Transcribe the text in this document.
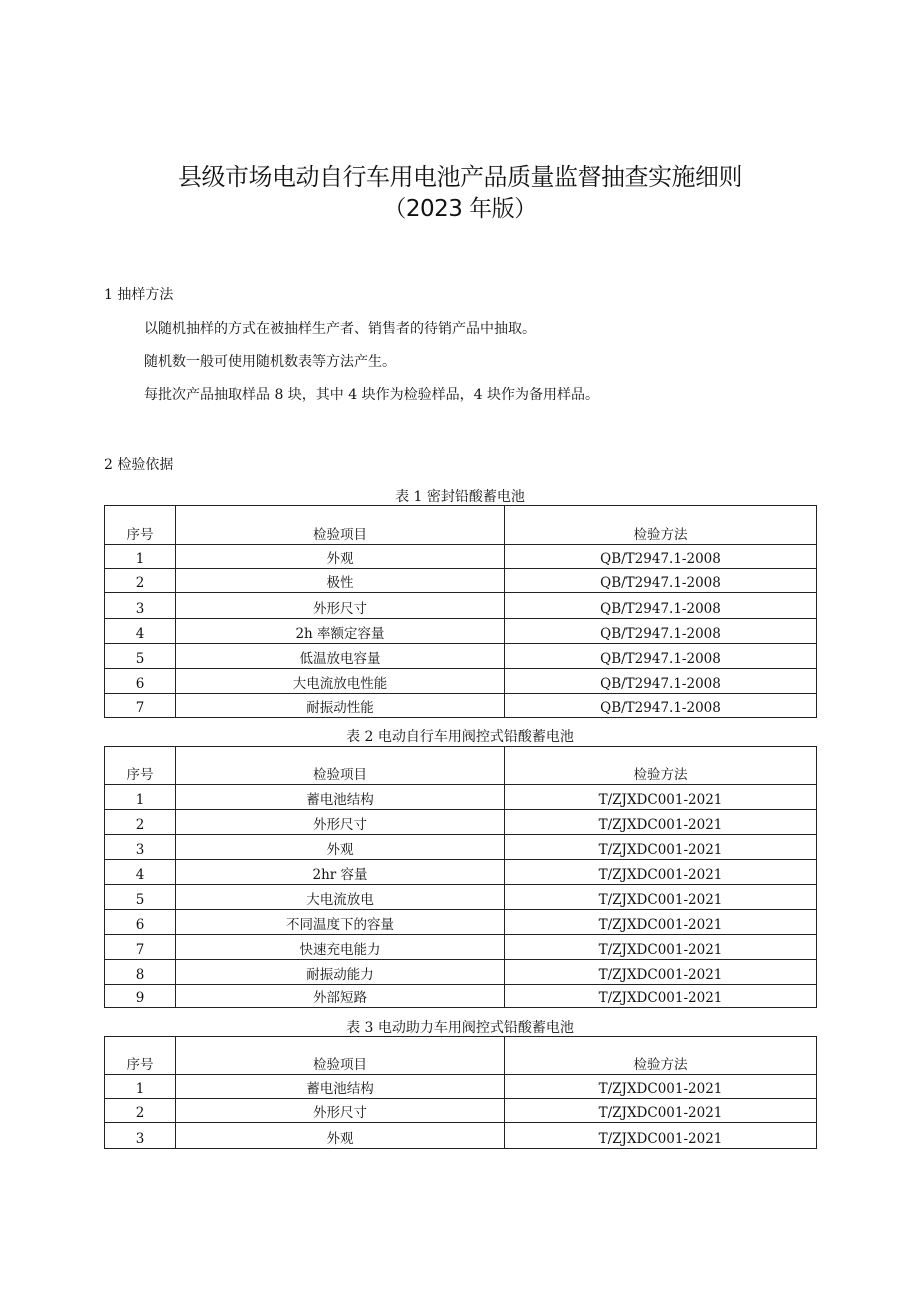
县级市场电动自行车用电池产品质量监督抽查实施细则
（2023 年版）
1 抽样方法
以随机抽样的方式在被抽样生产者、销售者的待销产品中抽取。
随机数一般可使用随机数表等方法产生。
每批次产品抽取样品 8 块，其中 4 块作为检验样品，4 块作为备用样品。
2 检验依据
表 1 密封铅酸蓄电池
序号	检验项目	检验方法
1	外观	QB/T2947.1-2008
2	极性	QB/T2947.1-2008
3	外形尺寸	QB/T2947.1-2008
4	2h 率额定容量	QB/T2947.1-2008
5	低温放电容量	QB/T2947.1-2008
6	大电流放电性能	QB/T2947.1-2008
7	耐振动性能	QB/T2947.1-2008
表 2 电动自行车用阀控式铅酸蓄电池
序号	检验项目	检验方法
1	蓄电池结构	T/ZJXDC001-2021
2	外形尺寸	T/ZJXDC001-2021
3	外观	T/ZJXDC001-2021
4	2hr 容量	T/ZJXDC001-2021
5	大电流放电	T/ZJXDC001-2021
6	不同温度下的容量	T/ZJXDC001-2021
7	快速充电能力	T/ZJXDC001-2021
8	耐振动能力	T/ZJXDC001-2021
9	外部短路	T/ZJXDC001-2021
表 3 电动助力车用阀控式铅酸蓄电池
序号	检验项目	检验方法
1	蓄电池结构	T/ZJXDC001-2021
2	外形尺寸	T/ZJXDC001-2021
3	外观	T/ZJXDC001-2021
